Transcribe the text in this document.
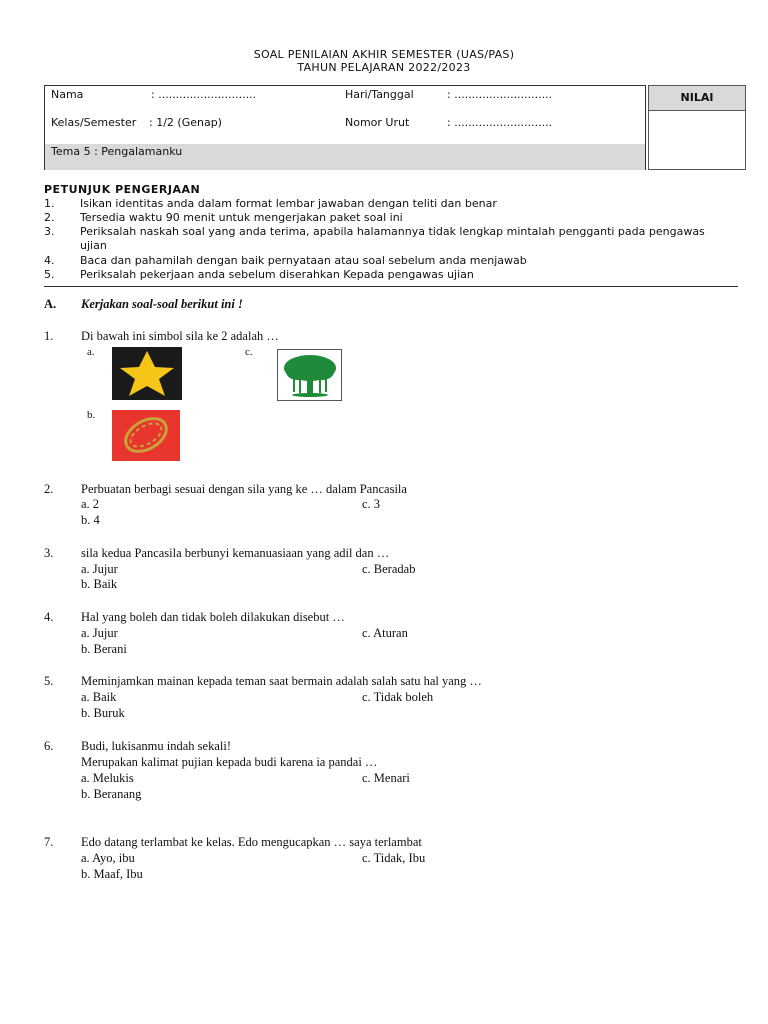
SOAL PENILAIAN AKHIR SEMESTER (UAS/PAS)
TAHUN PELAJARAN 2022/2023
Nama	: ............................	Hari/Tanggal	: ............................
Kelas/Semester : 1/2 (Genap)	Nomor Urut	: ............................
Tema 5 : Pengalamanku
NILAI
PETUNJUK PENGERJAAN
1. Isikan identitas anda dalam format lembar jawaban dengan teliti dan benar
2. Tersedia waktu 90 menit untuk mengerjakan paket soal ini
3. Periksalah naskah soal yang anda terima, apabila halamannya tidak lengkap mintalah pengganti pada pengawas
ujian
4. Baca dan pahamilah dengan baik pernyataan atau soal sebelum anda menjawab
5. Periksalah pekerjaan anda sebelum diserahkan Kepada pengawas ujian
A. Kerjakan soal-soal berikut ini !
1. Di bawah ini simbol sila ke 2 adalah …
a.	c.
b.
2. Perbuatan berbagi sesuai dengan sila yang ke … dalam Pancasila
a. 2	c. 3
b. 4
3. sila kedua Pancasila berbunyi kemanuasiaan yang adil dan …
a. Jujur	c. Beradab
b. Baik
4. Hal yang boleh dan tidak boleh dilakukan disebut …
a. Jujur	c. Aturan
b. Berani
5. Meminjamkan mainan kepada teman saat bermain adalah salah satu hal yang …
a. Baik	c. Tidak boleh
b. Buruk
6. Budi, lukisanmu indah sekali!
Merupakan kalimat pujian kepada budi karena ia pandai …
a. Melukis	c. Menari
b. Beranang
7. Edo datang terlambat ke kelas. Edo mengucapkan … saya terlambat
a. Ayo, ibu	c. Tidak, Ibu
b. Maaf, Ibu
